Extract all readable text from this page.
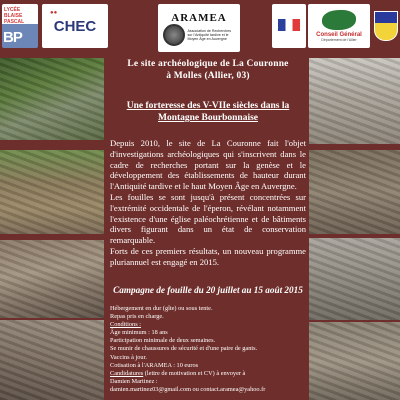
LYCÉE BLAISE PASCAL
BP
●●
CHEC	ARAMEA
Association de Recherches sur l'Antiquité tardive et le Moyen Âge en Auvergne
Conseil Général
Département de l'Allier
Le site archéologique de La Couronne
à Molles (Allier, 03)
Une forteresse des V-VIIe siècles dans la
Montagne Bourbonnaise

Depuis 2010, le site de La Couronne fait l'objet d'investigations archéologiques qui s'inscrivent dans le cadre de recherches portant sur la genèse et le développement des établissements de hauteur durant l'Antiquité tardive et le haut Moyen Âge en Auvergne.

Les fouilles se sont jusqu'à présent concentrées sur l'extrémité occidentale de l'éperon, révélant notamment l'existence d'une église paléochrétienne et de bâtiments divers figurant dans un état de conservation remarquable.

Forts de ces premiers résultats, un nouveau programme pluriannuel est engagé en 2015.

Campagne de fouille du 20 juillet au 15 août 2015
Hébergement en dur (gîte) ou sous tente.
Repas pris en charge.
Conditions :
Âge minimum : 18 ans
Participation minimale de deux semaines.
Se munir de chaussures de sécurité et d'une paire de gants.
Vaccins à jour.
Cotisation à l'ARAMEA : 10 euros
Candidatures (lettre de motivation et CV) à envoyer à
Damien Martinez :
damien.martinez03@gmail.com ou contact.aramea@yahoo.fr
